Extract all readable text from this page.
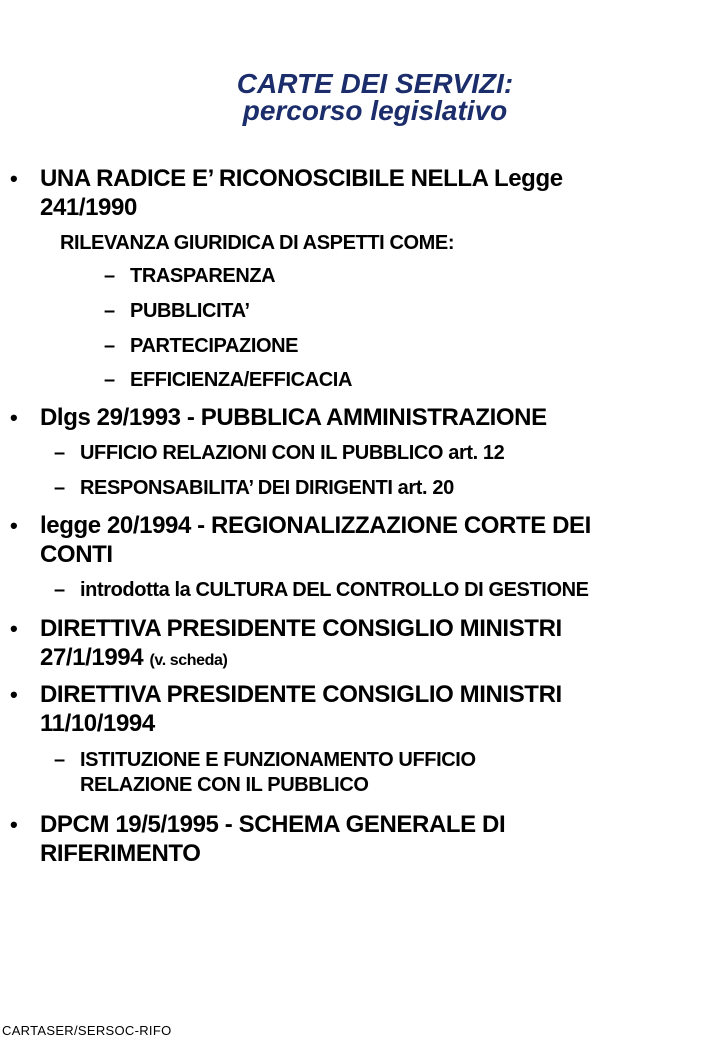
CARTE DEI SERVIZI:
percorso legislativo
• UNA RADICE E’ RICONOSCIBILE NELLA Legge
241/1990
RILEVANZA GIURIDICA DI ASPETTI COME:
– TRASPARENZA
– PUBBLICITA’
– PARTECIPAZIONE
– EFFICIENZA/EFFICACIA
• Dlgs 29/1993 - PUBBLICA AMMINISTRAZIONE
– UFFICIO RELAZIONI CON IL PUBBLICO art. 12
– RESPONSABILITA’ DEI DIRIGENTI art. 20
• legge 20/1994 - REGIONALIZZAZIONE CORTE DEI
CONTI
– introdotta la CULTURA DEL CONTROLLO DI GESTIONE
• DIRETTIVA PRESIDENTE CONSIGLIO MINISTRI
27/1/1994 (v. scheda)
• DIRETTIVA PRESIDENTE CONSIGLIO MINISTRI
11/10/1994
– ISTITUZIONE E FUNZIONAMENTO UFFICIO
RELAZIONE CON IL PUBBLICO
• DPCM 19/5/1995 - SCHEMA GENERALE DI
RIFERIMENTO
CARTASER/SERSOC-RIFO
